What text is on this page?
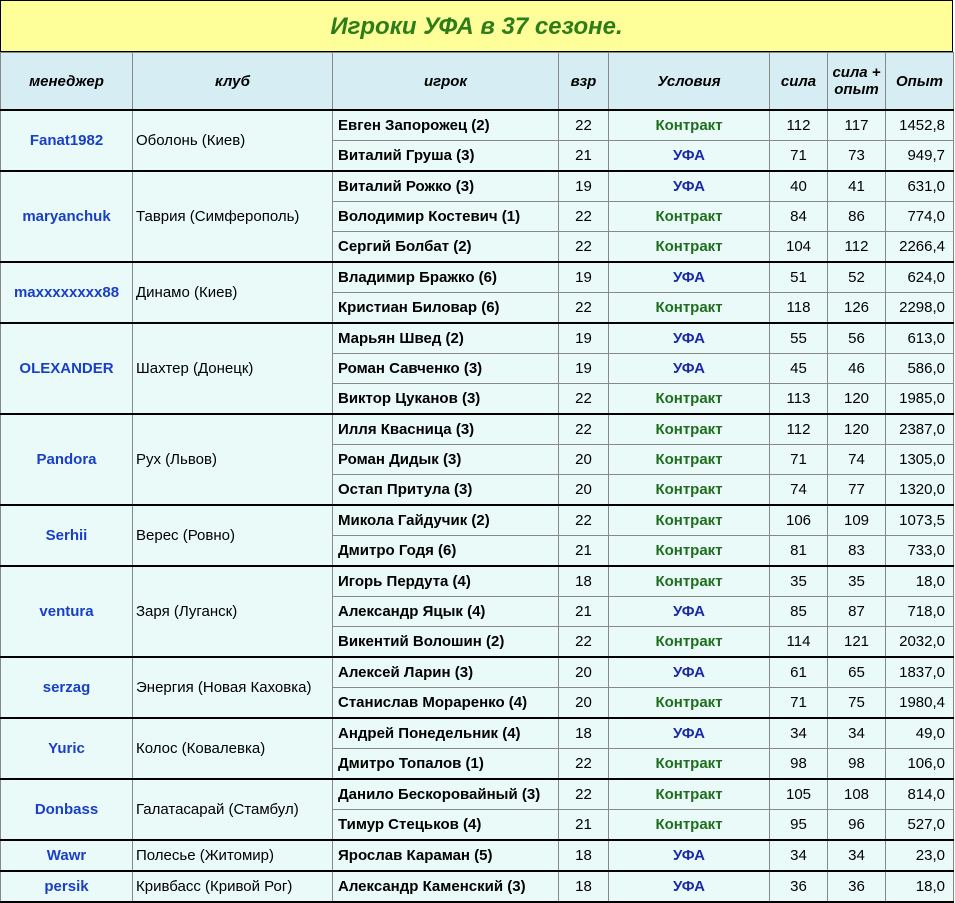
Игроки УФА в 37 сезоне.
менеджер	клуб	игрок	взр	Условия	сила	сила + опыт	Опыт
Fanat1982	Оболонь (Киев)	Евген Запорожец (2)	22	Контракт	112	117	1452,8
		Виталий Груша (3)	21	УФА	71	73	949,7
maryanchuk	Таврия (Симферополь)	Виталий Рожко (3)	19	УФА	40	41	631,0
		Володимир Костевич (1)	22	Контракт	84	86	774,0
		Сергий Болбат (2)	22	Контракт	104	112	2266,4
maxxxxxxxx88	Динамо (Киев)	Владимир Бражко (6)	19	УФА	51	52	624,0
		Кристиан Биловар (6)	22	Контракт	118	126	2298,0
OLEXANDER	Шахтер (Донецк)	Марьян Швед (2)	19	УФА	55	56	613,0
		Роман Савченко (3)	19	УФА	45	46	586,0
		Виктор Цуканов (3)	22	Контракт	113	120	1985,0
Pandora	Рух (Львов)	Илля Квасница (3)	22	Контракт	112	120	2387,0
		Роман Дидык (3)	20	Контракт	71	74	1305,0
		Остап Притула (3)	20	Контракт	74	77	1320,0
Serhii	Верес (Ровно)	Микола Гайдучик (2)	22	Контракт	106	109	1073,5
		Дмитро Годя (6)	21	Контракт	81	83	733,0
ventura	Заря (Луганск)	Игорь Пердута (4)	18	Контракт	35	35	18,0
		Александр Яцык (4)	21	УФА	85	87	718,0
		Викентий Волошин (2)	22	Контракт	114	121	2032,0
serzag	Энергия (Новая Каховка)	Алексей Ларин (3)	20	УФА	61	65	1837,0
		Станислав Мораренко (4)	20	Контракт	71	75	1980,4
Yuric	Колос (Ковалевка)	Андрей Понедельник (4)	18	УФА	34	34	49,0
		Дмитро Топалов (1)	22	Контракт	98	98	106,0
Donbass	Галатасарай (Стамбул)	Данило Бескоровайный (3)	22	Контракт	105	108	814,0
		Тимур Стецьков (4)	21	Контракт	95	96	527,0
Wawr	Полесье (Житомир)	Ярослав Караман (5)	18	УФА	34	34	23,0
persik	Кривбасс (Кривой Рог)	Александр Каменский (3)	18	УФА	36	36	18,0
